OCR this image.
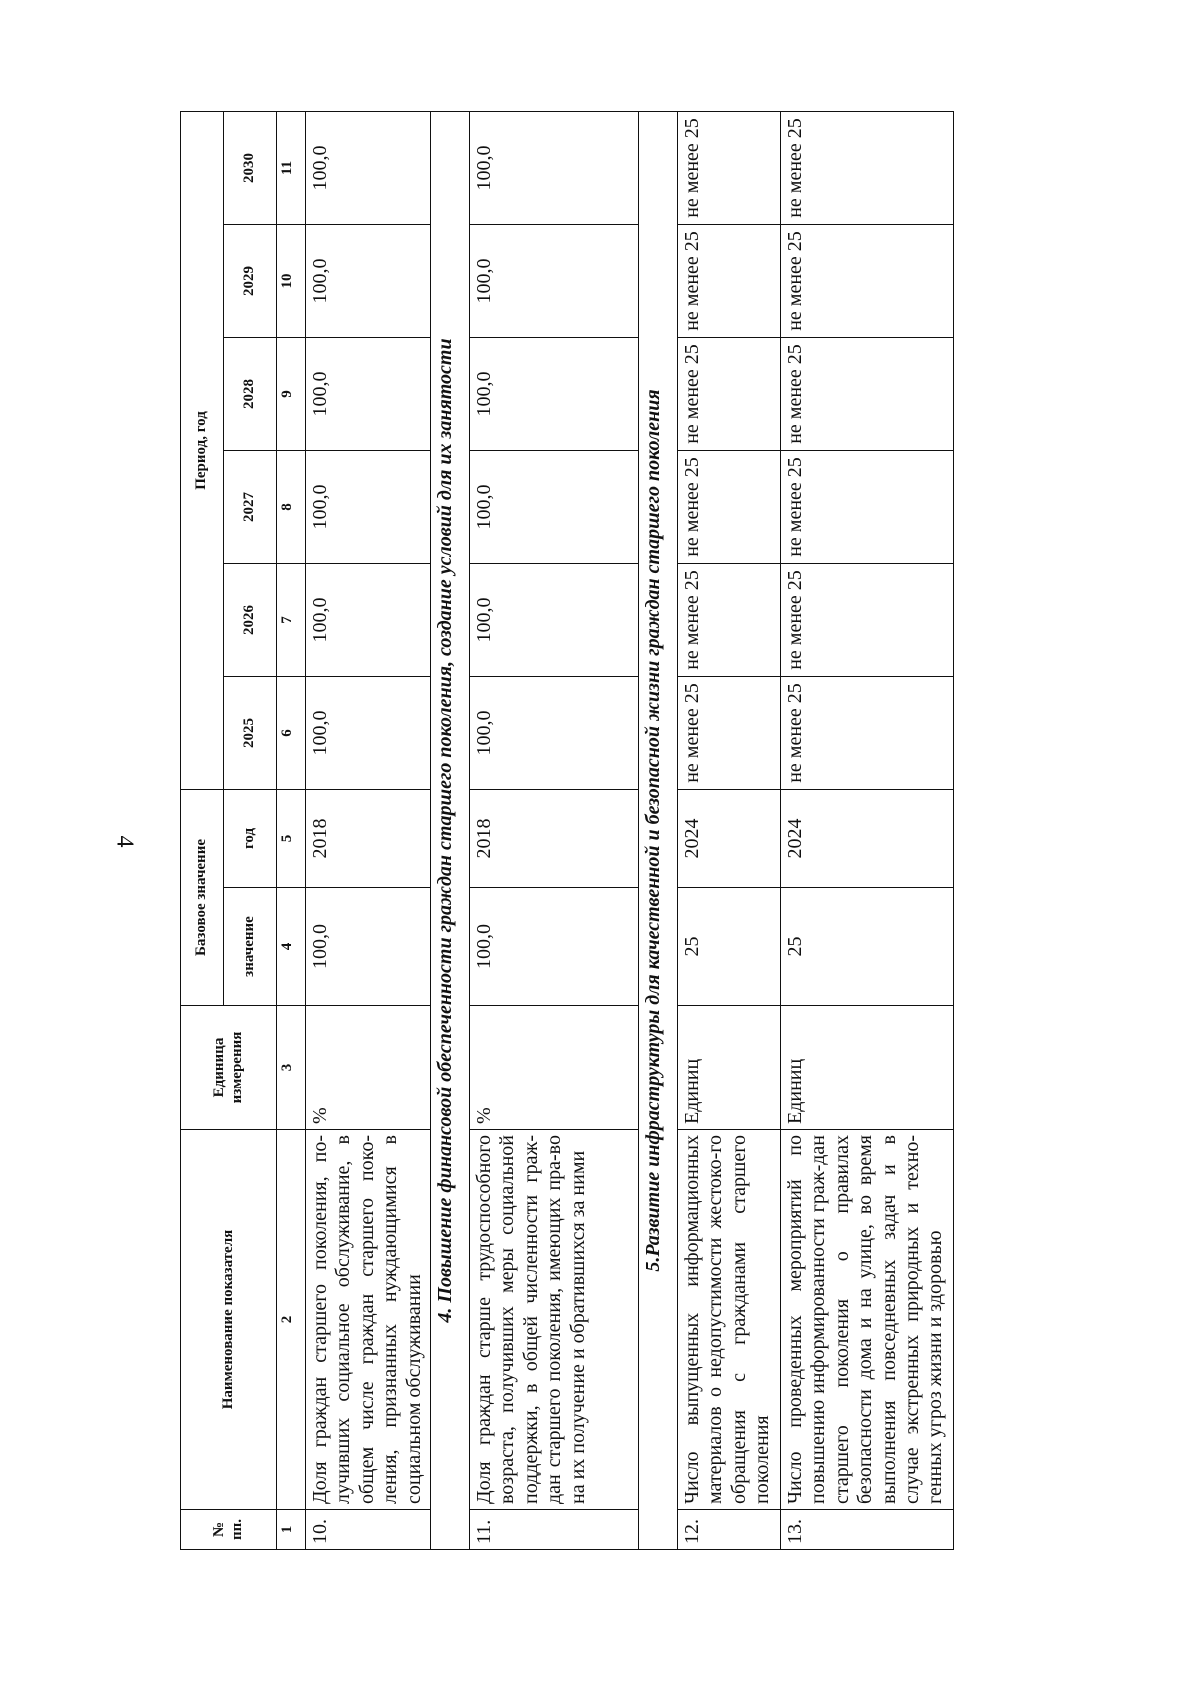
4
№ пп.	Наименование показателя	Единица измерения	Базовое значение		Период, год					
			значение	год	2025	2026	2027	2028	2029	2030
1	2	3	4	5	6	7	8	9	10	11
10.	Доля граждан старшего поколения, по-лучивших социальное обслуживание, в общем числе граждан старшего поко-ления, признанных нуждающимися в социальном обслуживании	%	100,0	2018	100,0	100,0	100,0	100,0	100,0	100,0
4. Повышение финансовой обеспеченности граждан старшего поколения, создание условий для их занятости										
11.	Доля граждан старше трудоспособного возраста, получивших меры социальной поддержки, в общей численности граж-дан старшего поколения, имеющих пра-во на их получение и обратившихся за ними	%	100,0	2018	100,0	100,0	100,0	100,0	100,0	100,0
5.Развитие инфраструктуры для качественной и безопасной жизни граждан старшего поколения										
12.	Число выпущенных информационных материалов о недопустимости жестоко-го обращения с гражданами старшего поколения	Единиц	25	2024	не менее 25	не менее 25	не менее 25	не менее 25	не менее 25	не менее 25
13.	Число проведенных мероприятий по повышению информированности граж-дан старшего поколения о правилах безопасности дома и на улице, во время выполнения повседневных задач и в случае экстренных природных и техно-генных угроз жизни и здоровью	Единиц	25	2024	не менее 25	не менее 25	не менее 25	не менее 25	не менее 25	не менее 25
